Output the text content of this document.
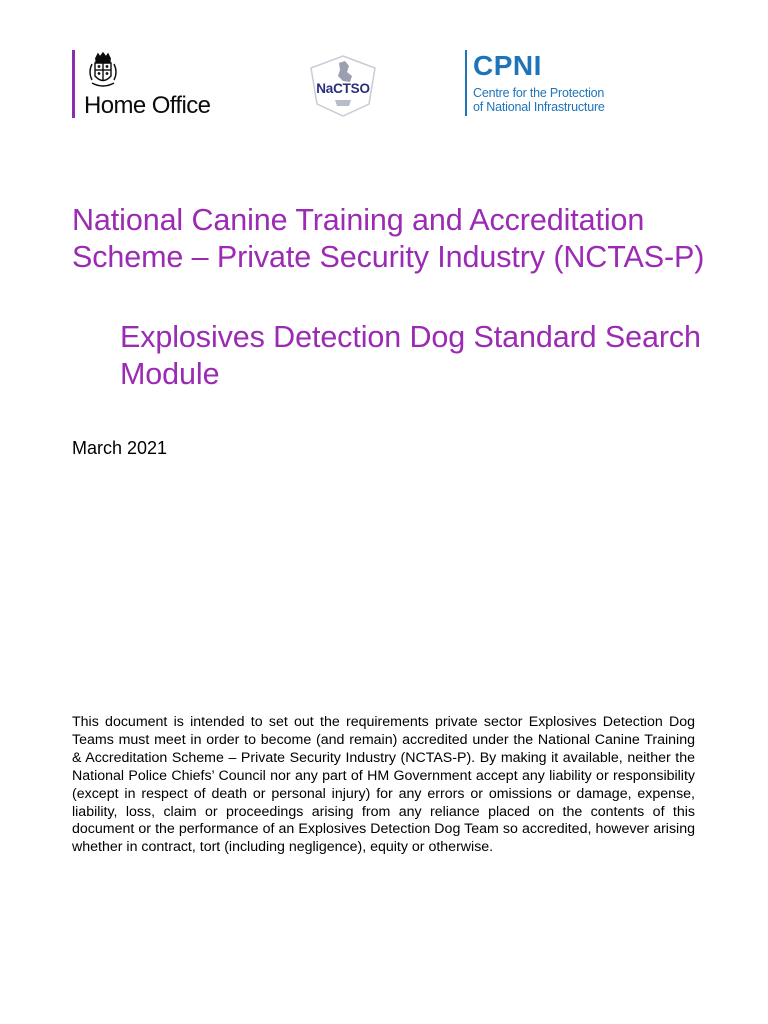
Home Office
NaCTSO
CPNI
Centre for the Protection
of National Infrastructure
National Canine Training and Accreditation Scheme – Private Security Industry (NCTAS-P)
Explosives Detection Dog Standard Search Module
March 2021

This document is intended to set out the requirements private sector Explosives Detection Dog Teams must meet in order to become (and remain) accredited under the National Canine Training & Accreditation Scheme – Private Security Industry (NCTAS-P). By making it available, neither the National Police Chiefs’ Council nor any part of HM Government accept any liability or responsibility (except in respect of death or personal injury) for any errors or omissions or damage, expense, liability, loss, claim or proceedings arising from any reliance placed on the contents of this document or the performance of an Explosives Detection Dog Team so accredited, however arising whether in contract, tort (including negligence), equity or otherwise.
